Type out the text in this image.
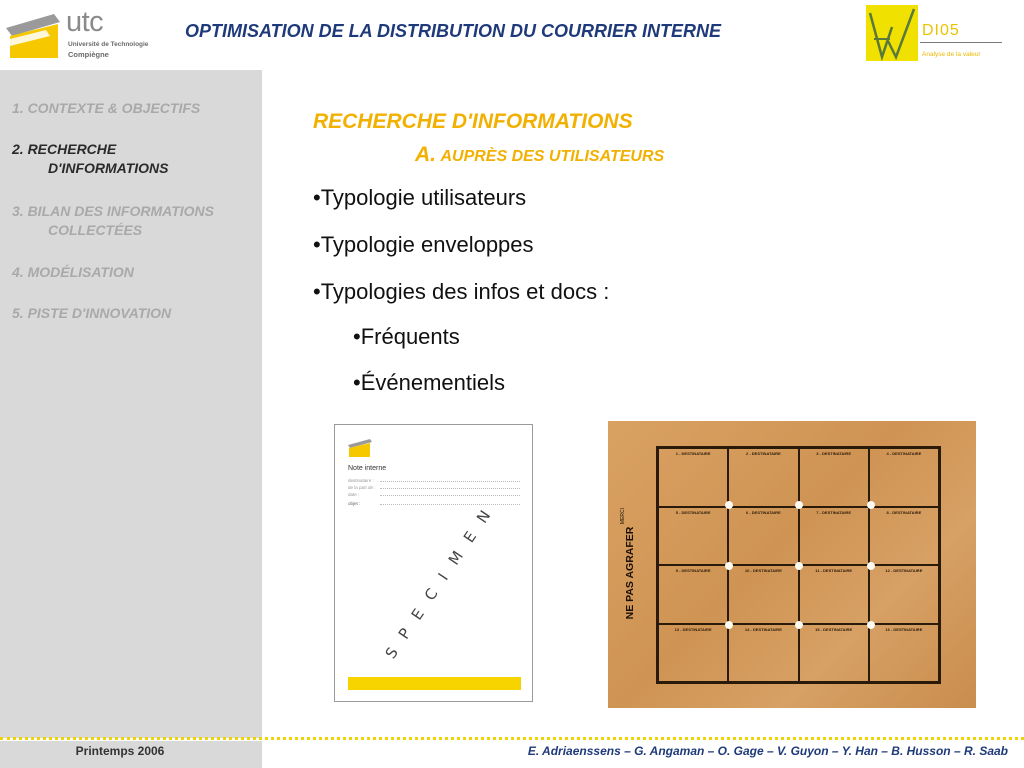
utc
Université de Technologie
Compiègne
OPTIMISATION DE LA DISTRIBUTION DU COURRIER INTERNE	DI05
Analyse de la valeur
1. CONTEXTE & OBJECTIFS
2. RECHERCHE
D'INFORMATIONS
3. BILAN DES INFORMATIONS
COLLECTÉES
4. MODÉLISATION
5. PISTE D'INNOVATION
RECHERCHE D'INFORMATIONS
A. AUPRÈS DES UTILISATEURS
•Typologie utilisateurs
•Typologie enveloppes
•Typologies des infos et docs :
•Fréquents
•Événementiels
Note interne
destinataire :
de la part de :
date :
objet : SPECIMEN	MERCI
NE PAS AGRAFER
1 - DESTINATAIRE	2 - DESTINATAIRE	3 - DESTINATAIRE	4 - DESTINATAIRE
5 - DESTINATAIRE	6 - DESTINATAIRE	7 - DESTINATAIRE	8 - DESTINATAIRE
9 - DESTINATAIRE	10 - DESTINATAIRE	11 - DESTINATAIRE	12 - DESTINATAIRE
13 - DESTINATAIRE	14 - DESTINATAIRE	15 - DESTINATAIRE	16 - DESTINATAIRE
Printemps 2006	E. Adriaenssens – G. Angaman – O. Gage – V. Guyon – Y. Han – B. Husson – R. Saab
